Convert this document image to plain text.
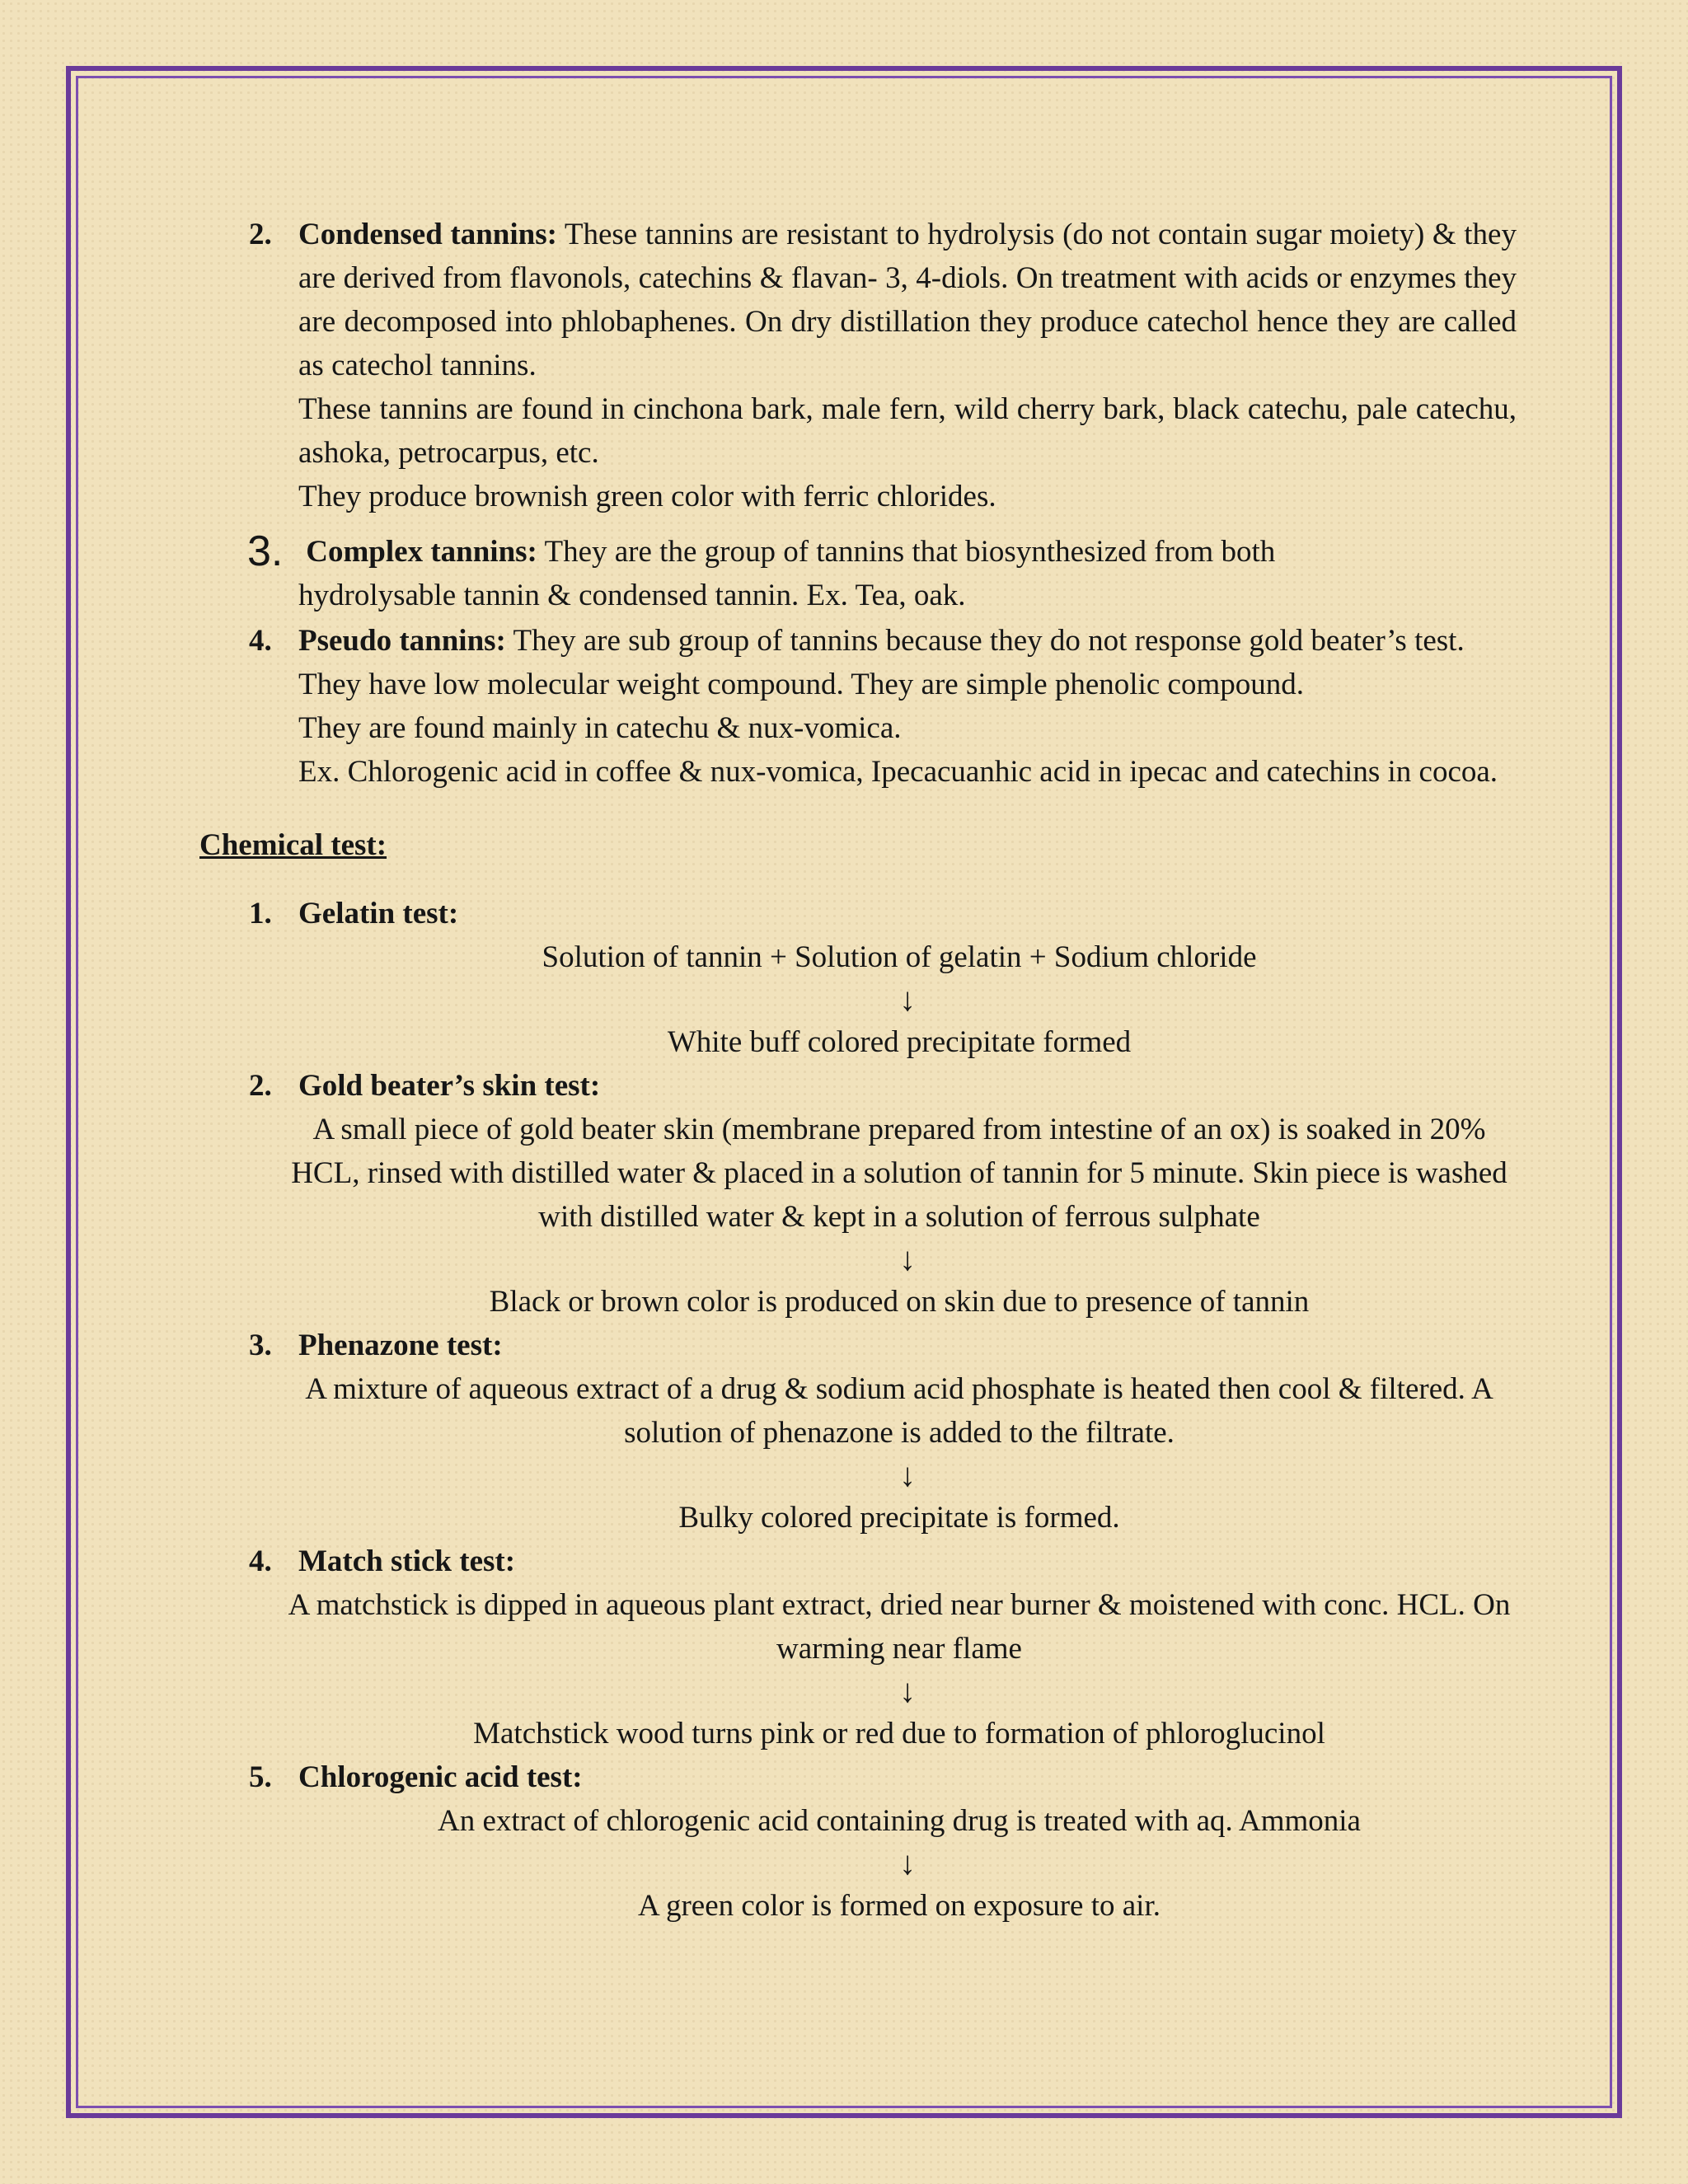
2. Condensed tannins: These tannins are resistant to hydrolysis (do not contain sugar moiety) & they are derived from flavonols, catechins & flavan- 3, 4-diols. On treatment with acids or enzymes they are decomposed into phlobaphenes. On dry distillation they produce catechol hence they are called as catechol tannins.
These tannins are found in cinchona bark, male fern, wild cherry bark, black catechu, pale catechu, ashoka, petrocarpus, etc.
They produce brownish green color with ferric chlorides.
3. Complex tannins: They are the group of tannins that biosynthesized from both
hydrolysable tannin & condensed tannin. Ex. Tea, oak.
4. Pseudo tannins: They are sub group of tannins because they do not response gold beater’s test. They have low molecular weight compound. They are simple phenolic compound.
They are found mainly in catechu & nux-vomica.
Ex. Chlorogenic acid in coffee & nux-vomica, Ipecacuanhic acid in ipecac and catechins in cocoa.
Chemical test:
1. Gelatin test:
Solution of tannin + Solution of gelatin + Sodium chloride
↓
White buff colored precipitate formed
2. Gold beater’s skin test:
A small piece of gold beater skin (membrane prepared from intestine of an ox) is soaked in 20% HCL, rinsed with distilled water & placed in a solution of tannin for 5 minute. Skin piece is washed with distilled water & kept in a solution of ferrous sulphate
↓
Black or brown color is produced on skin due to presence of tannin
3. Phenazone test:
A mixture of aqueous extract of a drug & sodium acid phosphate is heated then cool & filtered. A solution of phenazone is added to the filtrate.
↓
Bulky colored precipitate is formed.
4. Match stick test:
A matchstick is dipped in aqueous plant extract, dried near burner & moistened with conc. HCL. On warming near flame
↓
Matchstick wood turns pink or red due to formation of phloroglucinol
5. Chlorogenic acid test:
An extract of chlorogenic acid containing drug is treated with aq. Ammonia
↓
A green color is formed on exposure to air.
